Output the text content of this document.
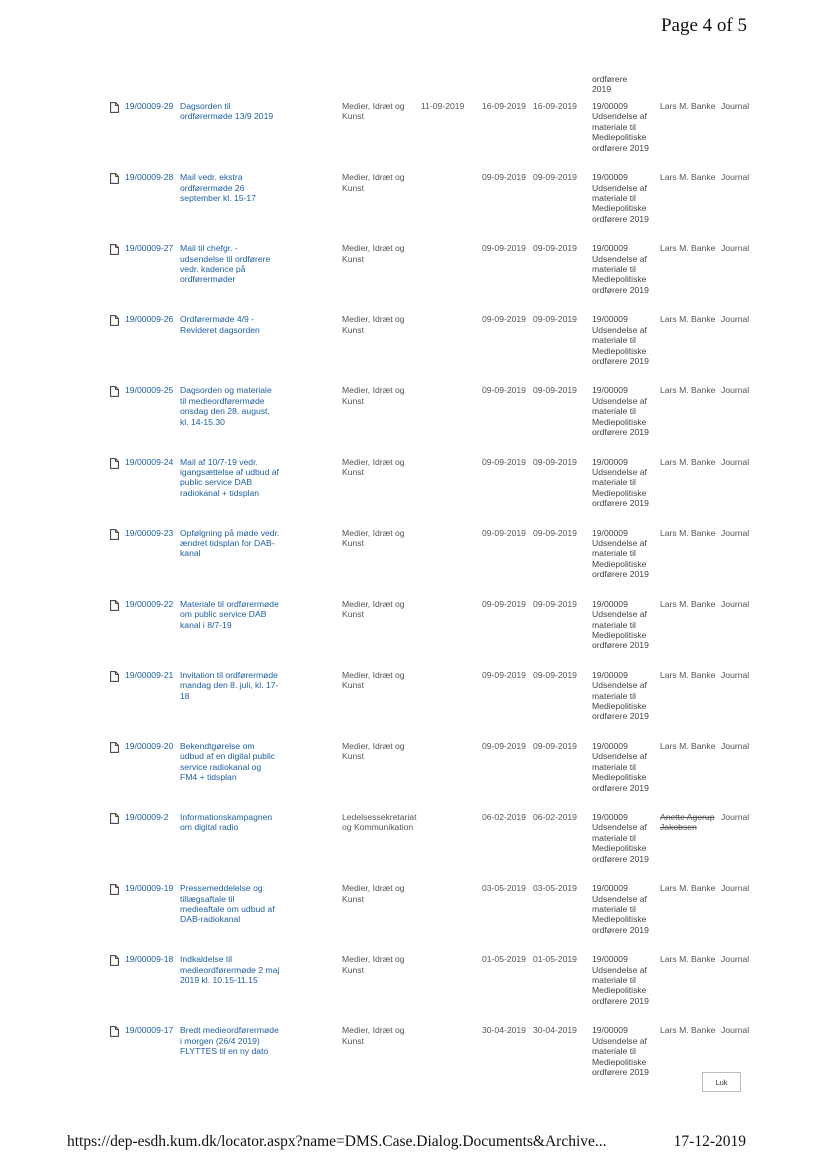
Page 4 of 5
ordførere
2019
19/00009-29 Dagsorden til ordførermøde 13/9 2019
Medier, Idræt og Kunst
11-09-2019	16-09-2019 16-09-2019 19/00009 Udsendelse af materiale til Mediepolitiske ordførere 2019
Lars M. Banke Journal
19/00009-28 Mail vedr. ekstra ordførermøde 26 september kl. 15-17
Medier, Idræt og Kunst
09-09-2019 09-09-2019 19/00009 Udsendelse af materiale til Mediepolitiske ordførere 2019
Lars M. Banke Journal
19/00009-27 Mail til chefgr. - udsendelse til ordførere vedr. kadence på ordførermøder
Medier, Idræt og Kunst
09-09-2019 09-09-2019 19/00009 Udsendelse af materiale til Mediepolitiske ordførere 2019
Lars M. Banke Journal
19/00009-26 Ordførermøde 4/9 - Revideret dagsorden
Medier, Idræt og Kunst
09-09-2019 09-09-2019 19/00009 Udsendelse af materiale til Mediepolitiske ordførere 2019
Lars M. Banke Journal
19/00009-25 Dagsorden og materiale til medieordførermøde onsdag den 28. august, kl. 14-15.30
Medier, Idræt og Kunst
09-09-2019 09-09-2019 19/00009 Udsendelse af materiale til Mediepolitiske ordførere 2019
Lars M. Banke Journal
19/00009-24 Mail af 10/7-19 vedr. igangsættelse af udbud af public service DAB radiokanal + tidsplan
Medier, Idræt og Kunst
09-09-2019 09-09-2019 19/00009 Udsendelse af materiale til Mediepolitiske ordførere 2019
Lars M. Banke Journal
19/00009-23 Opfølgning på møde vedr. ændret tidsplan for DAB-kanal
Medier, Idræt og Kunst
09-09-2019 09-09-2019 19/00009 Udsendelse af materiale til Mediepolitiske ordførere 2019
Lars M. Banke Journal
19/00009-22 Materiale til ordførermøde om public service DAB kanal i 8/7-19
Medier, Idræt og Kunst
09-09-2019 09-09-2019 19/00009 Udsendelse af materiale til Mediepolitiske ordførere 2019
Lars M. Banke Journal
19/00009-21 Invitation til ordførermøde mandag den 8. juli, kl. 17-18
Medier, Idræt og Kunst
09-09-2019 09-09-2019 19/00009 Udsendelse af materiale til Mediepolitiske ordførere 2019
Lars M. Banke Journal
19/00009-20 Bekendtgørelse om udbud af en digital public service radiokanal og FM4 + tidsplan
Medier, Idræt og Kunst
09-09-2019 09-09-2019 19/00009 Udsendelse af materiale til Mediepolitiske ordførere 2019
Lars M. Banke Journal
19/00009-2	Informationskampagnen om digital radio
Ledelsessekretariat og Kommunikation
06-02-2019 06-02-2019 19/00009 Udsendelse af materiale til Mediepolitiske ordførere 2019
Anette Agerup Jakobsen
Journal
19/00009-19 Pressemeddelelse og tillægsaftale til medieaftale om udbud af DAB-radiokanal
Medier, Idræt og Kunst
03-05-2019 03-05-2019 19/00009 Udsendelse af materiale til Mediepolitiske ordførere 2019
Lars M. Banke Journal
19/00009-18 Indkaldelse til medieordførermøde 2 maj 2019 kl. 10.15-11.15
Medier, Idræt og Kunst
01-05-2019 01-05-2019 19/00009 Udsendelse af materiale til Mediepolitiske ordførere 2019
Lars M. Banke Journal
19/00009-17 Bredt medieordførermøde i morgen (26/4 2019) FLYTTES til en ny dato
Medier, Idræt og Kunst
30-04-2019 30-04-2019 19/00009 Udsendelse af materiale til Mediepolitiske ordførere 2019
Lars M. Banke Journal
Luk
https://dep-esdh.kum.dk/locator.aspx?name=DMS.Case.Dialog.Documents&Archive...	17-12-2019
